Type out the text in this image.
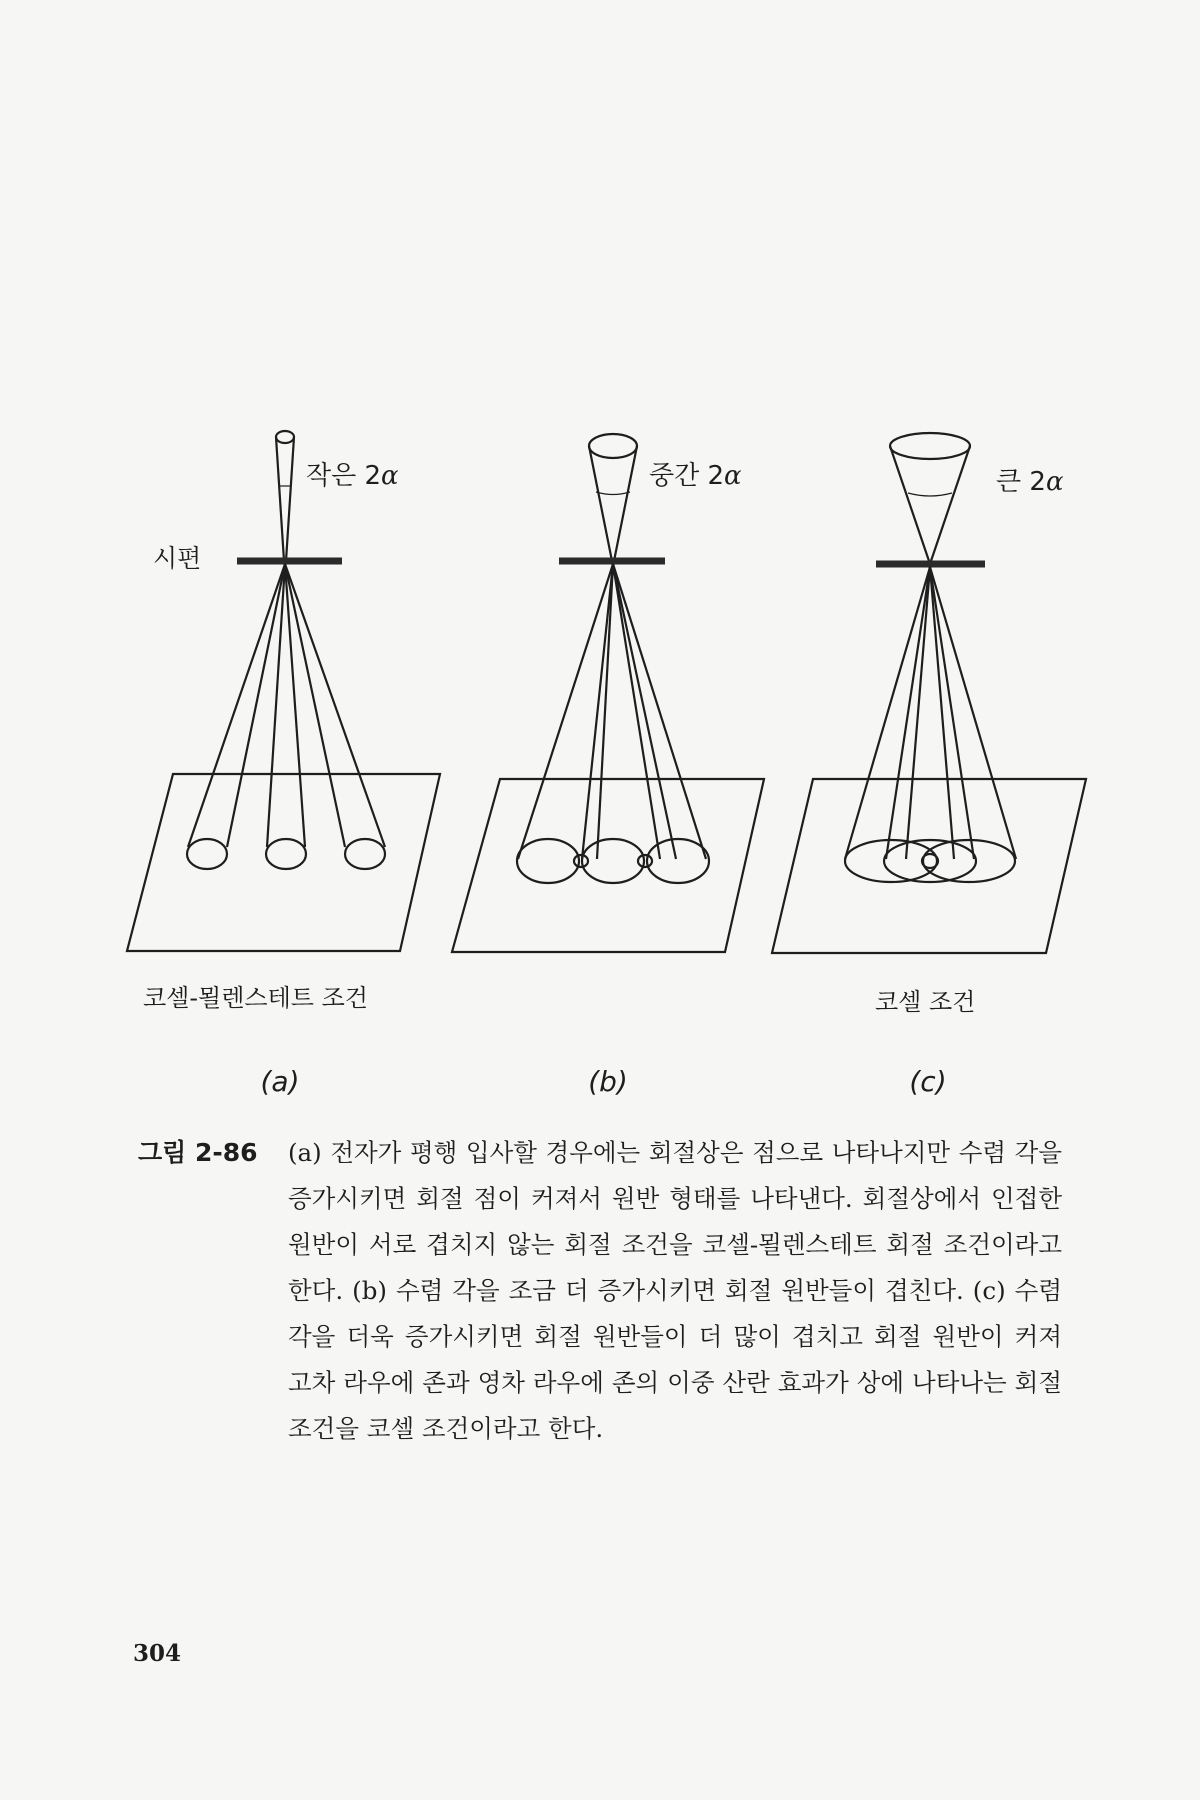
작은 2α
시편
중간 2α	큰 2α
코셀-묄렌스테트 조건	코셀 조건
(a)	(b)	(c)
그림 2-86 (a) 전자가 평행 입사할 경우에는 회절상은 점으로 나타나지만 수렴 각을 증가시키면 회절 점이 커져서 원반 형태를 나타낸다. 회절상에서 인접한 원반이 서로 겹치지 않는 회절 조건을 코셀-묄렌스테트 회절 조건이라고 한다. (b) 수렴 각을 조금 더 증가시키면 회절 원반들이 겹친다. (c) 수렴 각을 더욱 증가시키면 회절 원반들이 더 많이 겹치고 회절 원반이 커져 고차 라우에 존과 영차 라우에 존의 이중 산란 효과가 상에 나타나는 회절 조건을 코셀 조건이라고 한다.
304
